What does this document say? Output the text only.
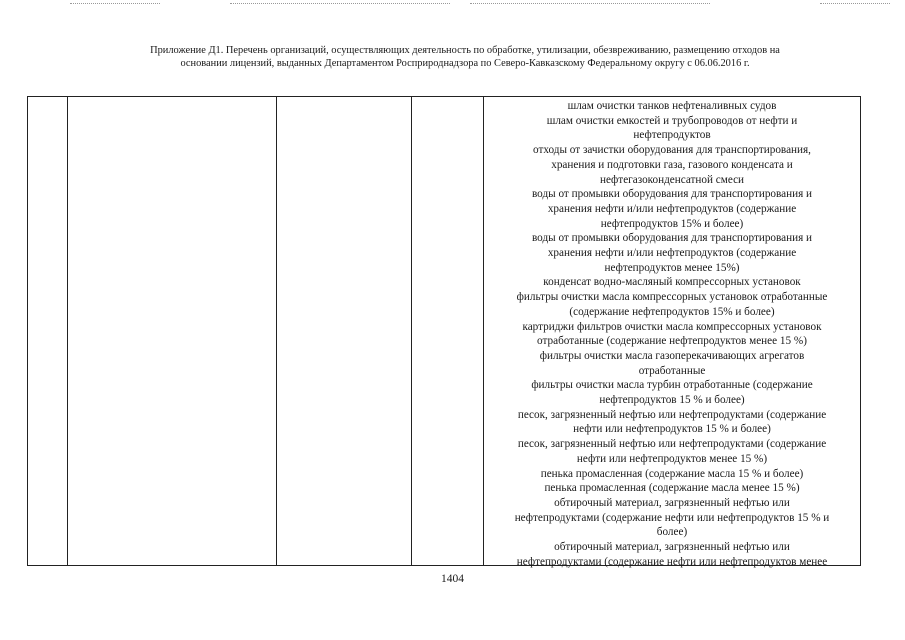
Приложение Д1. Перечень организаций, осуществляющих деятельность по обработке, утилизации, обезвреживанию, размещению отходов на
основании лицензий, выданных Департаментом Росприроднадзора по Северо-Кавказскому Федеральному округу с 06.06.2016 г.
шлам очистки танков нефтеналивных судов
шлам очистки емкостей и трубопроводов от нефти и
нефтепродуктов
отходы от зачистки оборудования для транспортирования,
хранения и подготовки газа, газового конденсата и
нефтегазоконденсатной смеси
воды от промывки оборудования для транспортирования и
хранения нефти и/или нефтепродуктов (содержание
нефтепродуктов 15% и более)
воды от промывки оборудования для транспортирования и
хранения нефти и/или нефтепродуктов (содержание
нефтепродуктов менее 15%)
конденсат водно-масляный компрессорных установок
фильтры очистки масла компрессорных установок отработанные
(содержание нефтепродуктов 15% и более)
картриджи фильтров очистки масла компрессорных установок
отработанные (содержание нефтепродуктов менее 15 %)
фильтры очистки масла газоперекачивающих агрегатов
отработанные
фильтры очистки масла турбин отработанные (содержание
нефтепродуктов 15 % и более)
песок, загрязненный нефтью или нефтепродуктами (содержание
нефти или нефтепродуктов 15 % и более)
песок, загрязненный нефтью или нефтепродуктами (содержание
нефти или нефтепродуктов менее 15 %)
пенька промасленная (содержание масла 15 % и более)
пенька промасленная (содержание масла менее 15 %)
обтирочный материал, загрязненный нефтью или
нефтепродуктами (содержание нефти или нефтепродуктов 15 % и
более)
обтирочный материал, загрязненный нефтью или
нефтепродуктами (содержание нефти или нефтепродуктов менее
1404
